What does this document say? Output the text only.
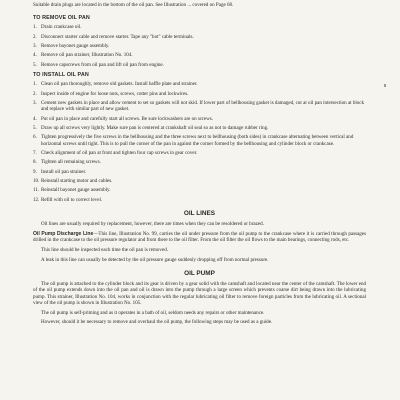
Suitable drain plugs are located in the bottom of the oil pan. See Illustration ... covered on Page 68.
TO REMOVE OIL PAN
1. Drain crankcase oil.
2. Disconnect starter cable and remove starter. Tape any "hot" cable terminals.
3. Remove bayonet gauge assembly.
4. Remove oil pan strainer, Illustration No. 104.
5. Remove capscrews from oil pan and lift oil pan from engine.
TO INSTALL OIL PAN
1. Clean oil pan thoroughly, remove old gaskets. Install baffle plate and strainer.
2. Inspect inside of engine for loose nuts, screws, cotter pins and lockwires.
3. Cement new gaskets in place and allow cement to set so gaskets will not skid. If lower part of bellhousing gasket is damaged, cut at oil pan intersection at block and replace with similar part of new gasket.
4. Put oil pan in place and carefully start all screws. Be sure lockwashers are on screws.
5. Draw up all screws very lightly. Make sure pan is centered at crankshaft oil seal so as not to damage rubber ring.
6. Tighten progressively the five screws in the bellhousing and the three screws next to bellhousing (both sides) in crankcase alternating between vertical and horizontal screws until tight. This is to pull the corner of the pan in against the corner formed by the bellhousing and cylinder block or crankcase.
7. Check alignment of oil pan at front and tighten four cap screws in gear cover.
8. Tighten all remaining screws.
9. Install oil pan strainer.
10. Reinstall starting motor and cables.
11. Reinstall bayonet gauge assembly.
12. Refill with oil to correct level.
OIL LINES

Oil lines are usually required by replacement, however, there are times when they can be resoldered or brazed.

Oil Pump Discharge Line—This line, Illustration No. 99, carries the oil under pressure from the oil pump to the crankcase where it is carried through passages drilled in the crankcase to the oil pressure regulator and from there to the oil filter. From the oil filter the oil flows to the main bearings, connecting rods, etc.

This line should be inspected each time the oil pan is removed.

A leak in this line can usually be detected by the oil pressure gauge suddenly dropping off from normal pressure.

OIL PUMP

The oil pump is attached to the cylinder block and its gear is driven by a gear solid with the camshaft and located near the center of the camshaft. The lower end of the oil pump extends down into the oil pan and oil is drawn into the pump through a large screen which prevents coarse dirt being drawn into the lubricating pump. This strainer, Illustration No. 104, works in conjunction with the regular lubricating oil filter to remove foreign particles from the lubricating oil. A sectional view of the oil pump is shown in Illustration No. 105.

The oil pump is self-priming and as it operates in a bath of oil, seldom needs any repairs or other maintenance.

However, should it be necessary to remove and overhaul the oil pump, the following steps may be used as a guide.
